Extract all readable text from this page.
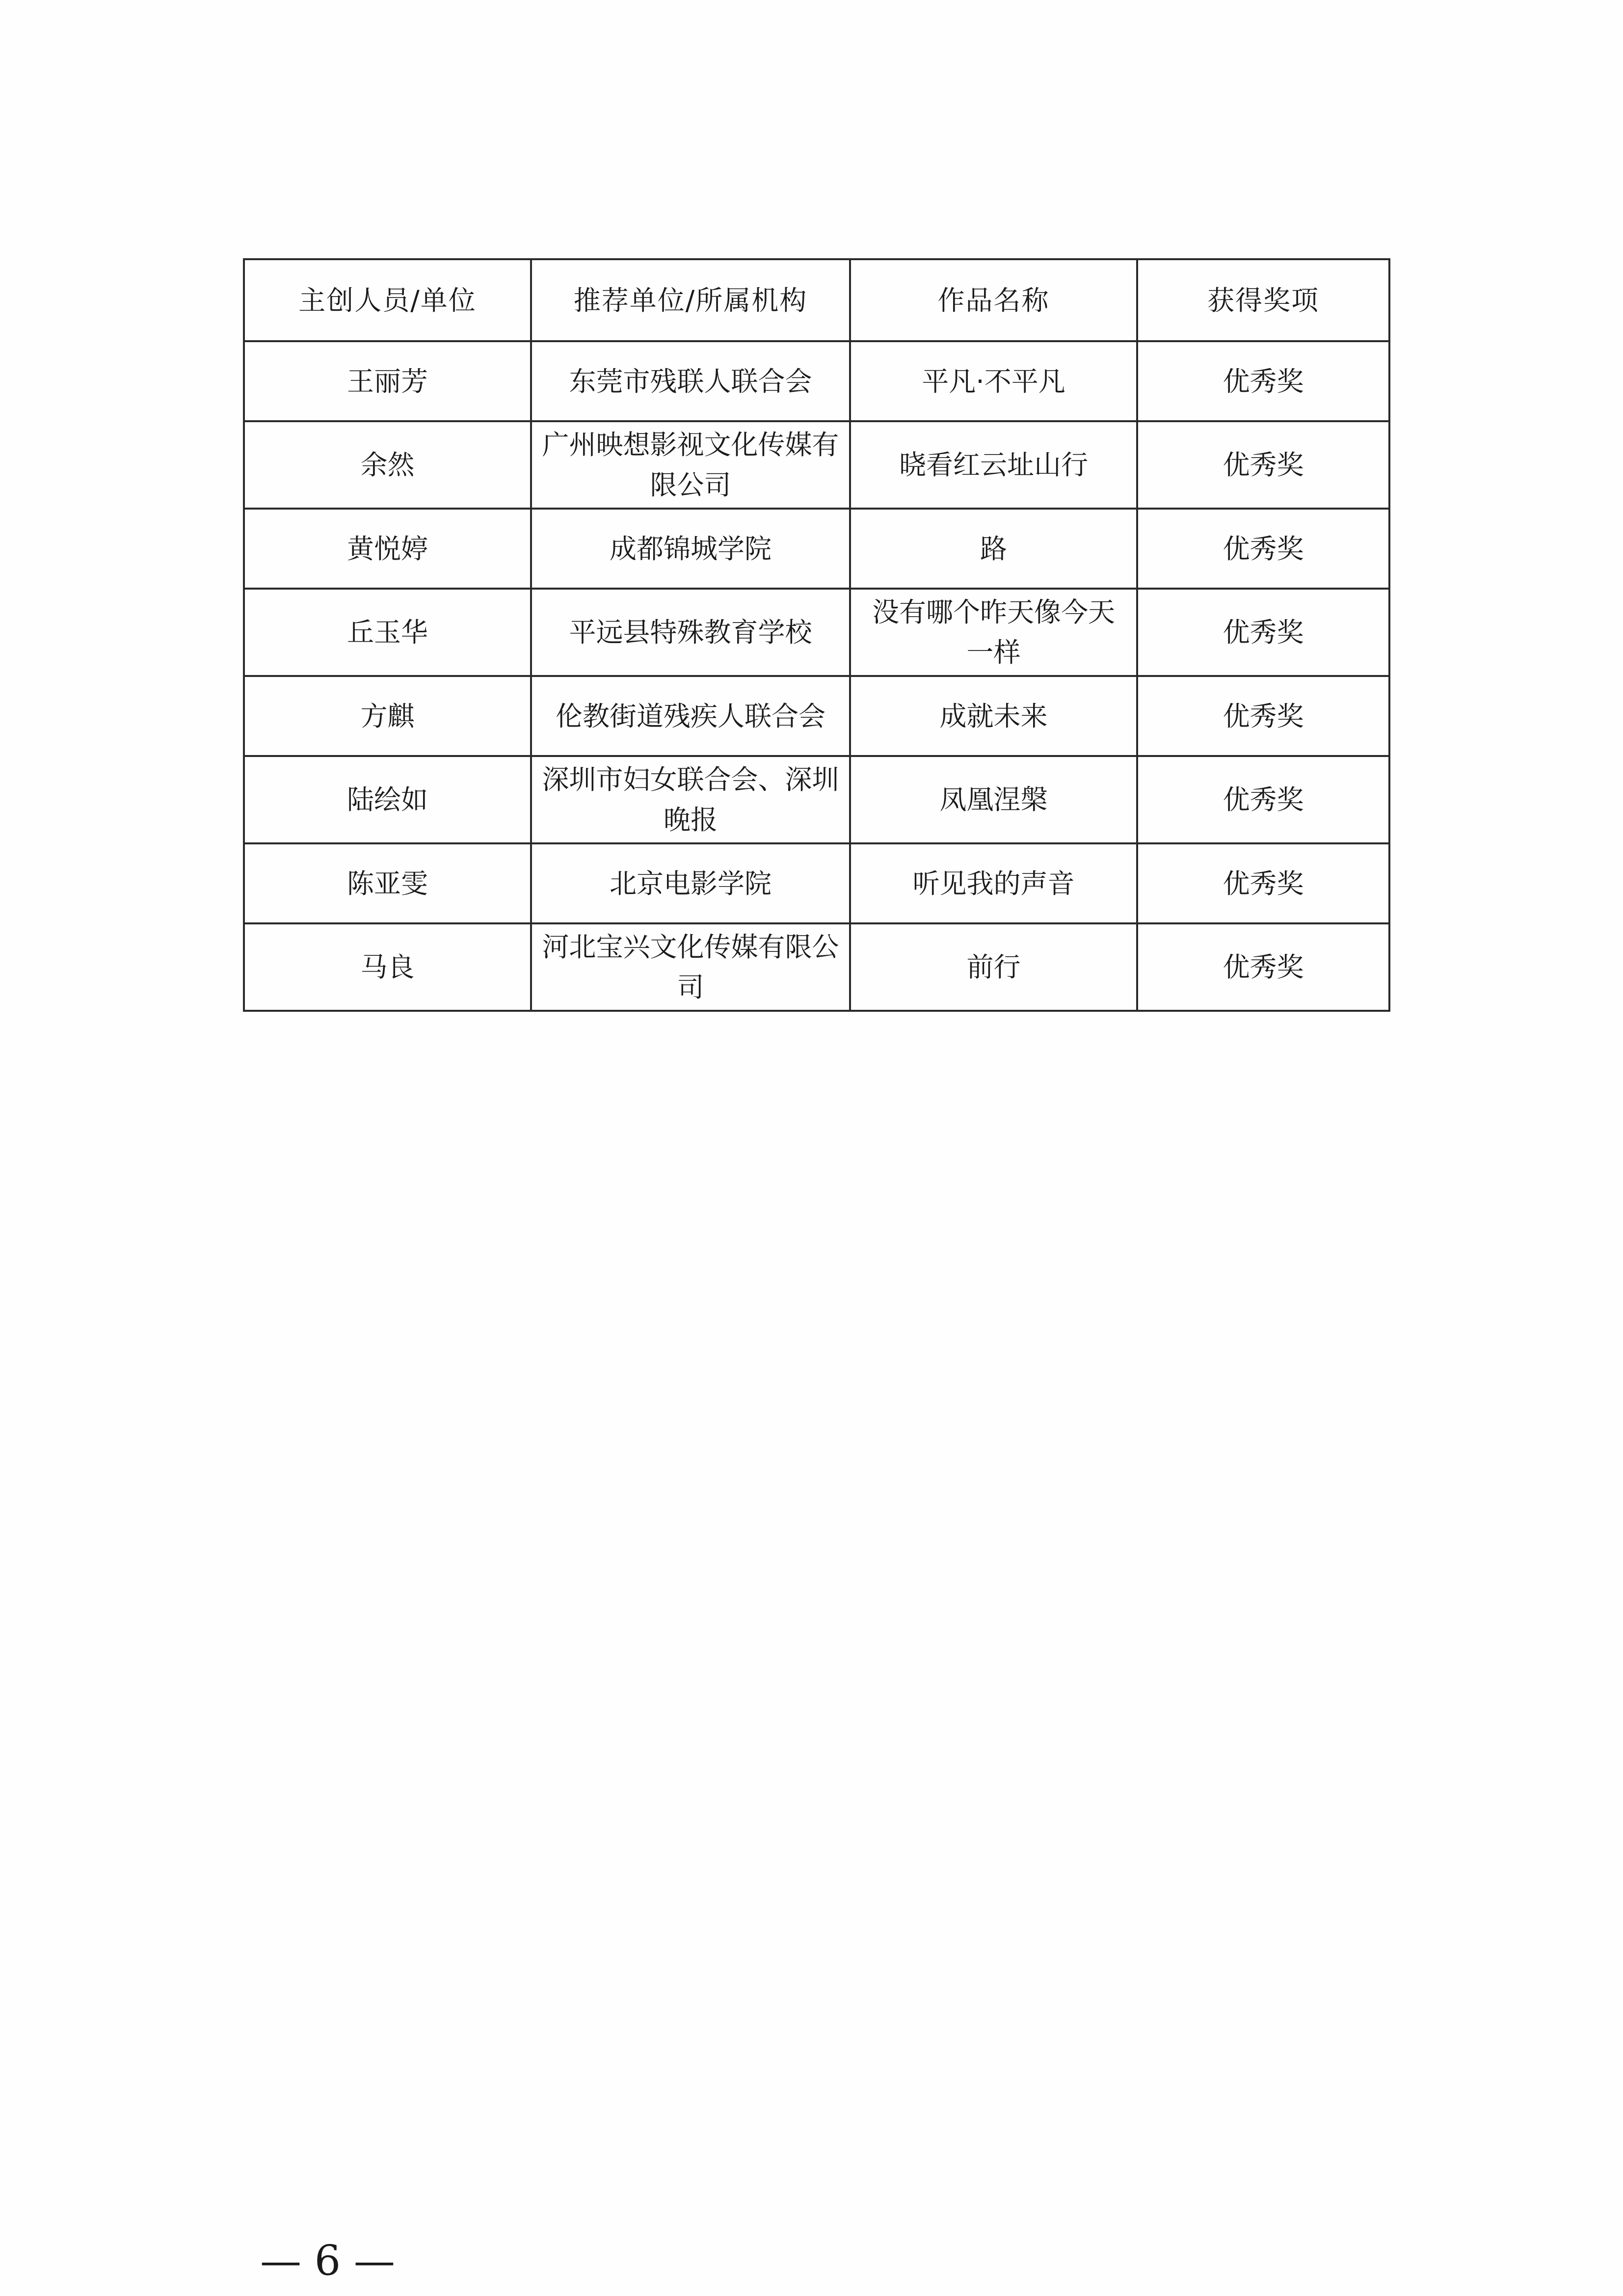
主创人员/单位	推荐单位/所属机构	作品名称	获得奖项
王丽芳	东莞市残联人联合会	平凡·不平凡	优秀奖
余然	广州映想影视文化传媒有限公司	晓看红云址山行	优秀奖
黄悦婷	成都锦城学院	路	优秀奖
丘玉华	平远县特殊教育学校	没有哪个昨天像今天一样	优秀奖
方麒	伦教街道残疾人联合会	成就未来	优秀奖
陆绘如	深圳市妇女联合会、深圳晚报	凤凰涅槃	优秀奖
陈亚雯	北京电影学院	听见我的声音	优秀奖
马良	河北宝兴文化传媒有限公司	前行	优秀奖
— 6 —
